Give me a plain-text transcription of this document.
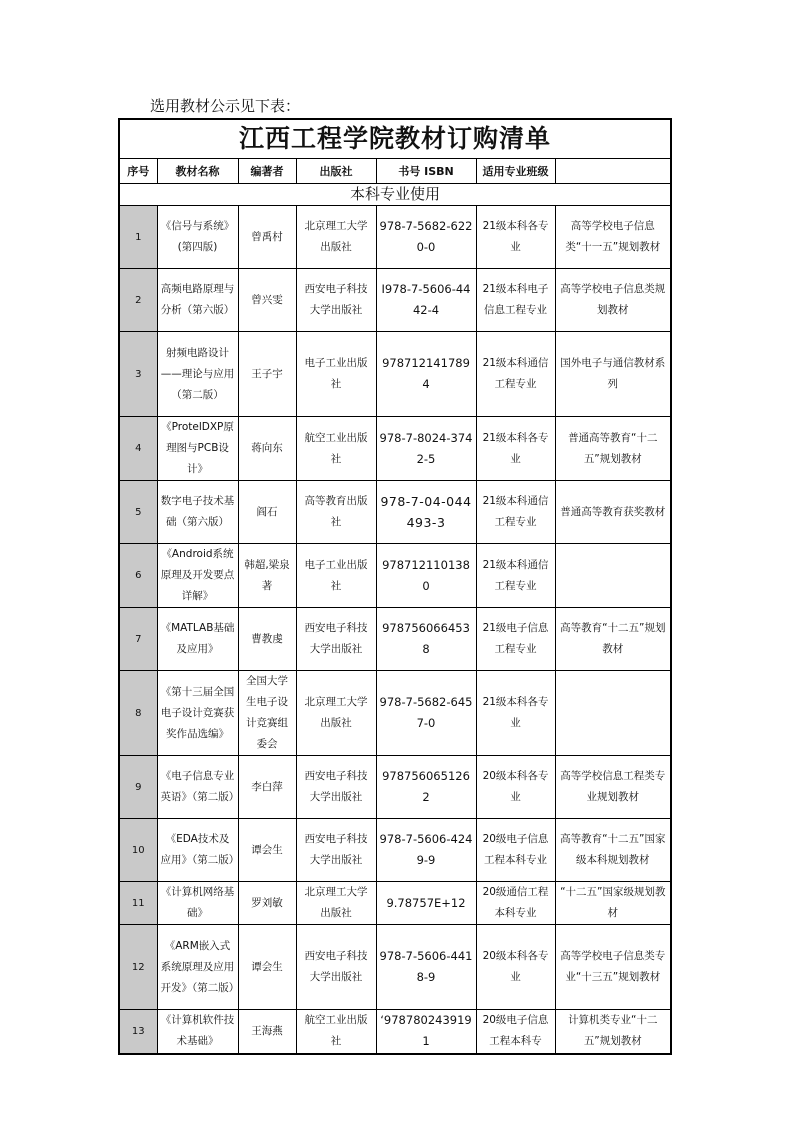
选用教材公示见下表：
江西工程学院教材订购清单						
序号	教材名称	编著者	出版社	书号 ISBN	适用专业班级	
本科专业使用						
1	《信号与系统》(第四版)	曾禹村	北京理工大学出版社	978-7-5682-6220-0	21级本科各专业	高等学校电子信息类“十一五”规划教材
2	高频电路原理与分析（第六版）	曾兴雯	西安电子科技大学出版社	I978-7-5606-4442-4	21级本科电子信息工程专业	高等学校电子信息类规划教材
3	射频电路设计——理论与应用（第二版）	王子宇	电子工业出版社	9787121417894	21级本科通信工程专业	国外电子与通信教材系列
4	《ProtelDXP原理图与PCB设计》	蒋向东	航空工业出版社	978-7-8024-3742-5	21级本科各专业	普通高等教育“十二五”规划教材
5	数字电子技术基础（第六版）	阎石	高等教育出版社	978-7-04-044493-3	21级本科通信工程专业	普通高等教育获奖教材
6	《Android系统原理及开发要点详解》	韩超,梁泉著	电子工业出版社	9787121101380	21级本科通信工程专业	
7	《MATLAB基础及应用》	曹教虔	西安电子科技大学出版社	9787560664538	21级电子信息工程专业	高等教育“十二五”规划教材
8	《第十三届全国电子设计竞赛获奖作品选编》	全国大学生电子设计竞赛组委会	北京理工大学出版社	978-7-5682-6457-0	21级本科各专业	
9	《电子信息专业英语》（第二版）	李白萍	西安电子科技大学出版社	9787560651262	20级本科各专业	高等学校信息工程类专业规划教材
10	《EDA技术及应用》（第二版）	谭会生	西安电子科技大学出版社	978-7-5606-4249-9	20级电子信息工程本科专业	高等教育“十二五”国家级本科规划教材
11	《计算机网络基础》	罗刘敏	北京理工大学出版社	9.78757E+12	20级通信工程本科专业	“十二五”国家级规划教材
12	《ARM嵌入式系统原理及应用开发》（第二版）	谭会生	西安电子科技大学出版社	978-7-5606-4418-9	20级本科各专业	高等学校电子信息类专业“十三五”规划教材
13	《计算机软件技术基础》	王海燕	航空工业出版社	‘9787802439191	20级电子信息工程本科专	计算机类专业“十二五”规划教材
